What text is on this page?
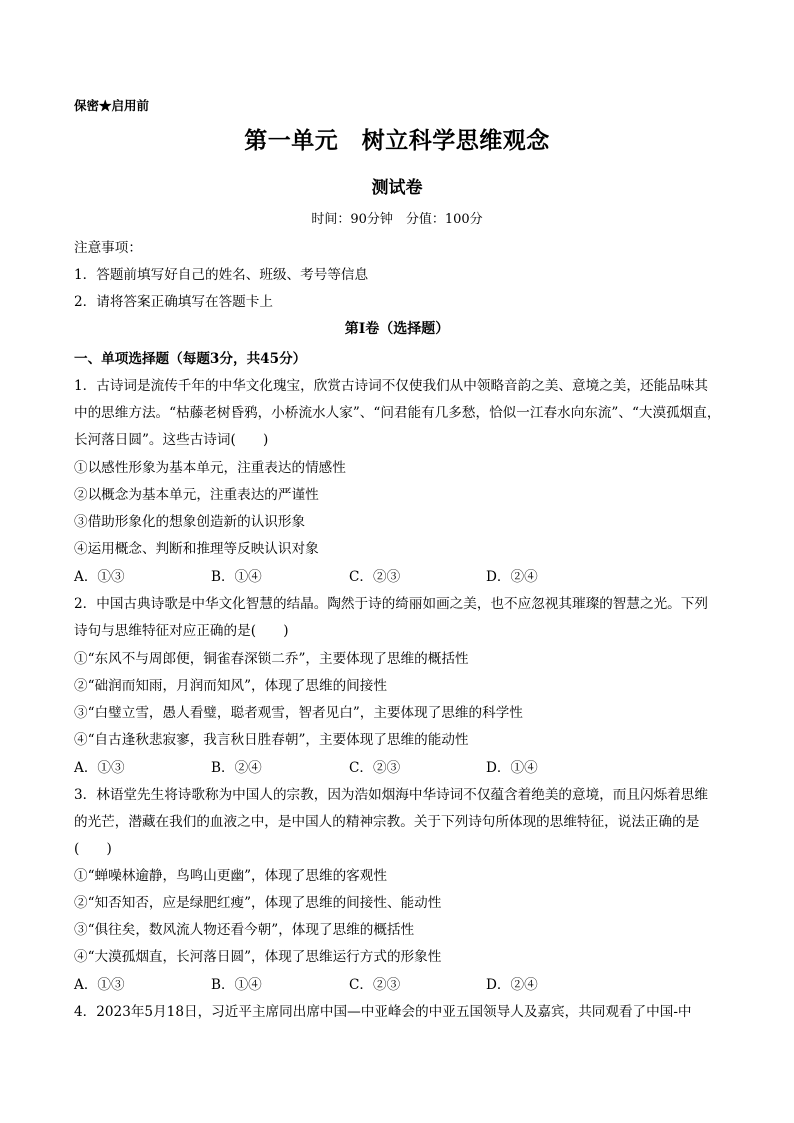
保密★启用前
第一单元　树立科学思维观念
测试卷
时间：90分钟　分值：100分
注意事项：
1．答题前填写好自己的姓名、班级、考号等信息
2．请将答案正确填写在答题卡上
第I卷（选择题）
一、单项选择题（每题3分，共45分）
1．古诗词是流传千年的中华文化瑰宝，欣赏古诗词不仅使我们从中领略音韵之美、意境之美，还能品味其
中的思维方法。“枯藤老树昏鸦，小桥流水人家”、“问君能有几多愁，恰似一江春水向东流”、“大漠孤烟直，
长河落日圆”。这些古诗词(　　)
①以感性形象为基本单元，注重表达的情感性
②以概念为基本单元，注重表达的严谨性
③借助形象化的想象创造新的认识形象
④运用概念、判断和推理等反映认识对象
A．①③	B．①④	C．②③	D．②④
2．中国古典诗歌是中华文化智慧的结晶。陶然于诗的绮丽如画之美，也不应忽视其璀璨的智慧之光。下列
诗句与思维特征对应正确的是(　　)
①“东风不与周郎便，铜雀春深锁二乔”，主要体现了思维的概括性
②“础润而知雨，月润而知风”，体现了思维的间接性
③“白璧立雪，愚人看璧，聪者观雪，智者见白”，主要体现了思维的科学性
④“自古逢秋悲寂寥，我言秋日胜春朝”，主要体现了思维的能动性
A．①③	B．②④	C．②③	D．①④
3．林语堂先生将诗歌称为中国人的宗教，因为浩如烟海中华诗词不仅蕴含着绝美的意境，而且闪烁着思维
的光芒，潜藏在我们的血液之中，是中国人的精神宗教。关于下列诗句所体现的思维特征，说法正确的是
(　　)
①“蝉噪林逾静，鸟鸣山更幽”，体现了思维的客观性
②“知否知否，应是绿肥红瘦”，体现了思维的间接性、能动性
③“俱往矣，数风流人物还看今朝”，体现了思维的概括性
④“大漠孤烟直，长河落日圆”，体现了思维运行方式的形象性
A．①③	B．①④	C．②③	D．②④
4．2023年5月18日，习近平主席同出席中国—中亚峰会的中亚五国领导人及嘉宾，共同观看了中国-中
